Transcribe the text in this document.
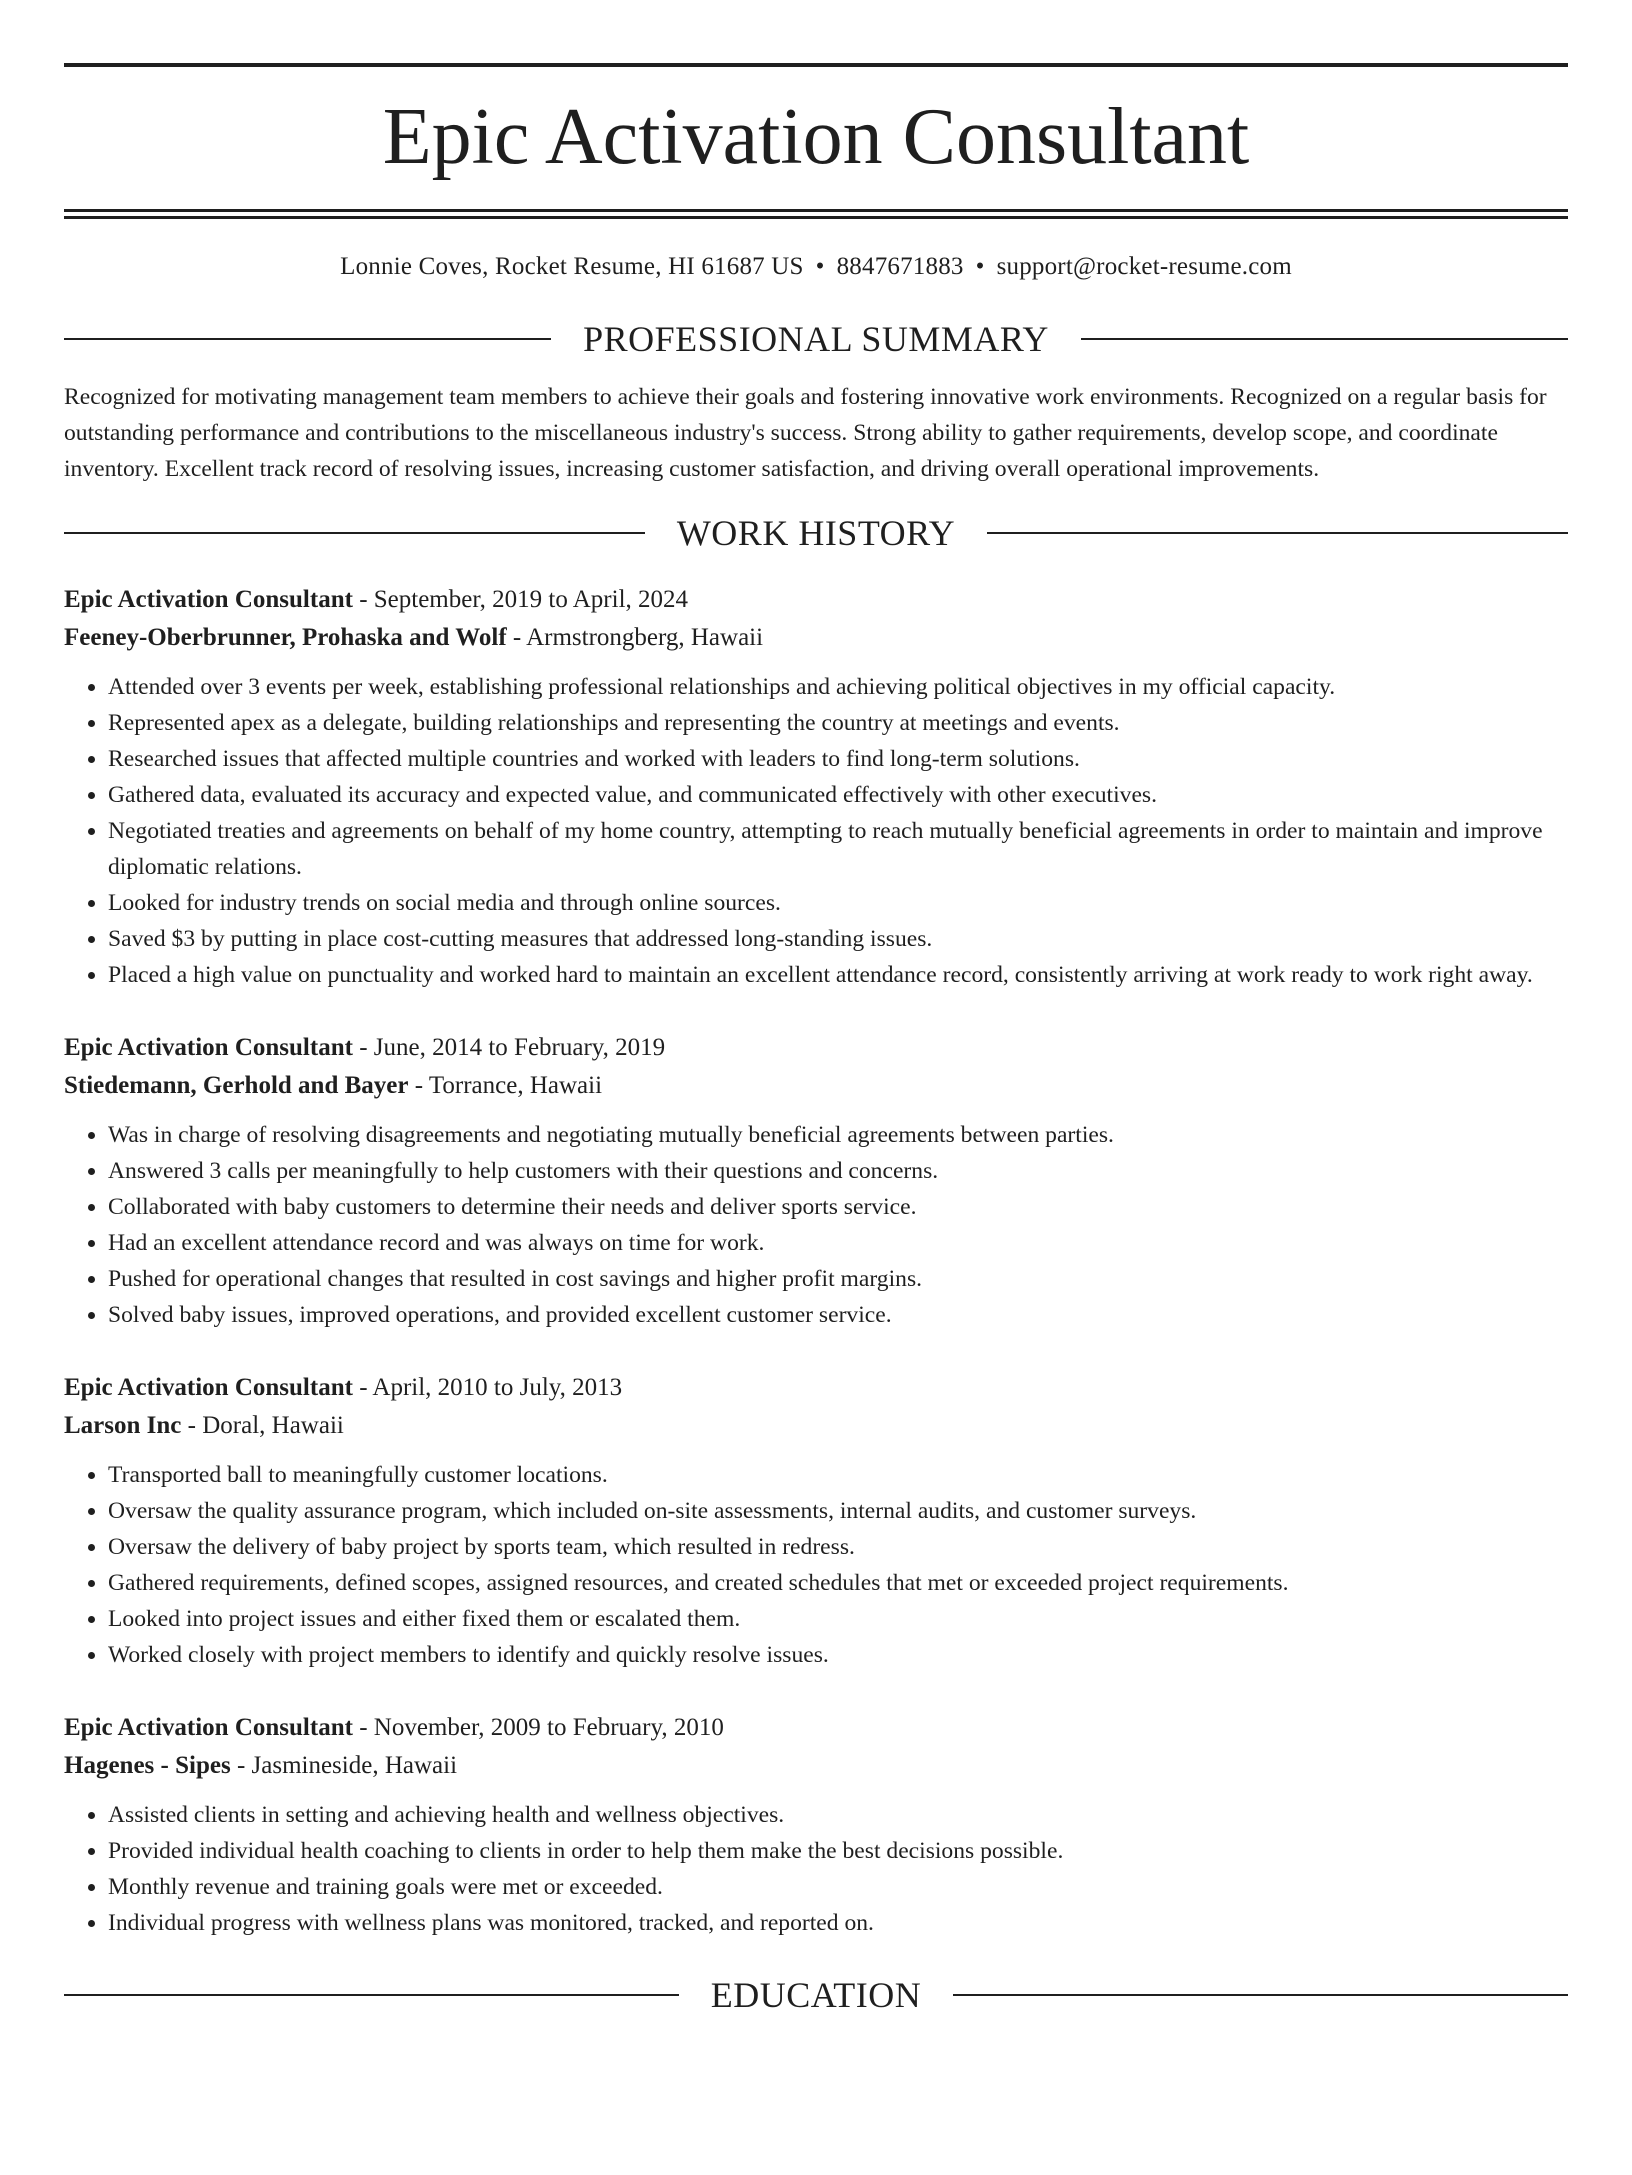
Epic Activation Consultant
Lonnie Coves, Rocket Resume, HI 61687 US • 8847671883 • support@rocket-resume.com
PROFESSIONAL SUMMARY
Recognized for motivating management team members to achieve their goals and fostering innovative work environments. Recognized on a regular basis for outstanding performance and contributions to the miscellaneous industry's success. Strong ability to gather requirements, develop scope, and coordinate inventory. Excellent track record of resolving issues, increasing customer satisfaction, and driving overall operational improvements.
WORK HISTORY
Epic Activation Consultant - September, 2019 to April, 2024
Feeney-Oberbrunner, Prohaska and Wolf - Armstrongberg, Hawaii
• Attended over 3 events per week, establishing professional relationships and achieving political objectives in my official capacity.
• Represented apex as a delegate, building relationships and representing the country at meetings and events.
• Researched issues that affected multiple countries and worked with leaders to find long-term solutions.
• Gathered data, evaluated its accuracy and expected value, and communicated effectively with other executives.
• Negotiated treaties and agreements on behalf of my home country, attempting to reach mutually beneficial agreements in order to maintain and improve diplomatic relations.
• Looked for industry trends on social media and through online sources.
• Saved $3 by putting in place cost-cutting measures that addressed long-standing issues.
• Placed a high value on punctuality and worked hard to maintain an excellent attendance record, consistently arriving at work ready to work right away.
Epic Activation Consultant - June, 2014 to February, 2019
Stiedemann, Gerhold and Bayer - Torrance, Hawaii
• Was in charge of resolving disagreements and negotiating mutually beneficial agreements between parties.
• Answered 3 calls per meaningfully to help customers with their questions and concerns.
• Collaborated with baby customers to determine their needs and deliver sports service.
• Had an excellent attendance record and was always on time for work.
• Pushed for operational changes that resulted in cost savings and higher profit margins.
• Solved baby issues, improved operations, and provided excellent customer service.
Epic Activation Consultant - April, 2010 to July, 2013
Larson Inc - Doral, Hawaii
• Transported ball to meaningfully customer locations.
• Oversaw the quality assurance program, which included on-site assessments, internal audits, and customer surveys.
• Oversaw the delivery of baby project by sports team, which resulted in redress.
• Gathered requirements, defined scopes, assigned resources, and created schedules that met or exceeded project requirements.
• Looked into project issues and either fixed them or escalated them.
• Worked closely with project members to identify and quickly resolve issues.
Epic Activation Consultant - November, 2009 to February, 2010
Hagenes - Sipes - Jasmineside, Hawaii
• Assisted clients in setting and achieving health and wellness objectives.
• Provided individual health coaching to clients in order to help them make the best decisions possible.
• Monthly revenue and training goals were met or exceeded.
• Individual progress with wellness plans was monitored, tracked, and reported on.
EDUCATION
